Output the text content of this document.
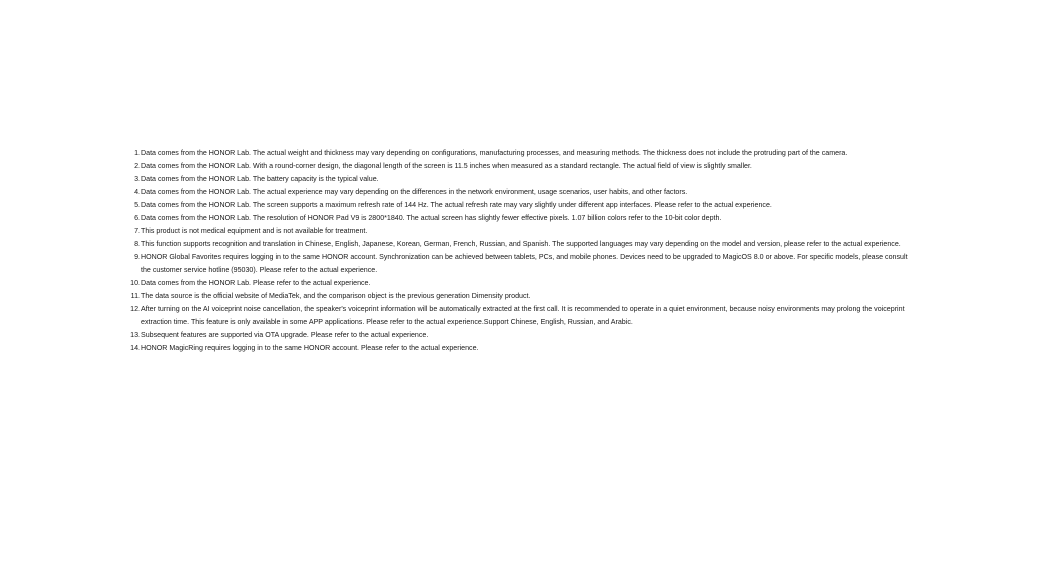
1. Data comes from the HONOR Lab. The actual weight and thickness may vary depending on configurations, manufacturing processes, and measuring methods. The thickness does not include the protruding part of the camera.
2. Data comes from the HONOR Lab. With a round-corner design, the diagonal length of the screen is 11.5 inches when measured as a standard rectangle. The actual field of view is slightly smaller.
3. Data comes from the HONOR Lab. The battery capacity is the typical value.
4. Data comes from the HONOR Lab. The actual experience may vary depending on the differences in the network environment, usage scenarios, user habits, and other factors.
5. Data comes from the HONOR Lab. The screen supports a maximum refresh rate of 144 Hz. The actual refresh rate may vary slightly under different app interfaces. Please refer to the actual experience.
6. Data comes from the HONOR Lab. The resolution of HONOR Pad V9 is 2800*1840. The actual screen has slightly fewer effective pixels. 1.07 billion colors refer to the 10-bit color depth.
7. This product is not medical equipment and is not available for treatment.
8. This function supports recognition and translation in Chinese, English, Japanese, Korean, German, French, Russian, and Spanish. The supported languages may vary depending on the model and version, please refer to the actual experience.
9. HONOR Global Favorites requires logging in to the same HONOR account. Synchronization can be achieved between tablets, PCs, and mobile phones. Devices need to be upgraded to MagicOS 8.0 or above. For specific models, please consult the customer service hotline (95030). Please refer to the actual experience.
10. Data comes from the HONOR Lab. Please refer to the actual experience.
11. The data source is the official website of MediaTek, and the comparison object is the previous generation Dimensity product.
12. After turning on the AI voiceprint noise cancellation, the speaker's voiceprint information will be automatically extracted at the first call. It is recommended to operate in a quiet environment, because noisy environments may prolong the voiceprint extraction time. This feature is only available in some APP applications. Please refer to the actual experience.Support Chinese, English, Russian, and Arabic.
13. Subsequent features are supported via OTA upgrade. Please refer to the actual experience.
14. HONOR MagicRing requires logging in to the same HONOR account. Please refer to the actual experience.
